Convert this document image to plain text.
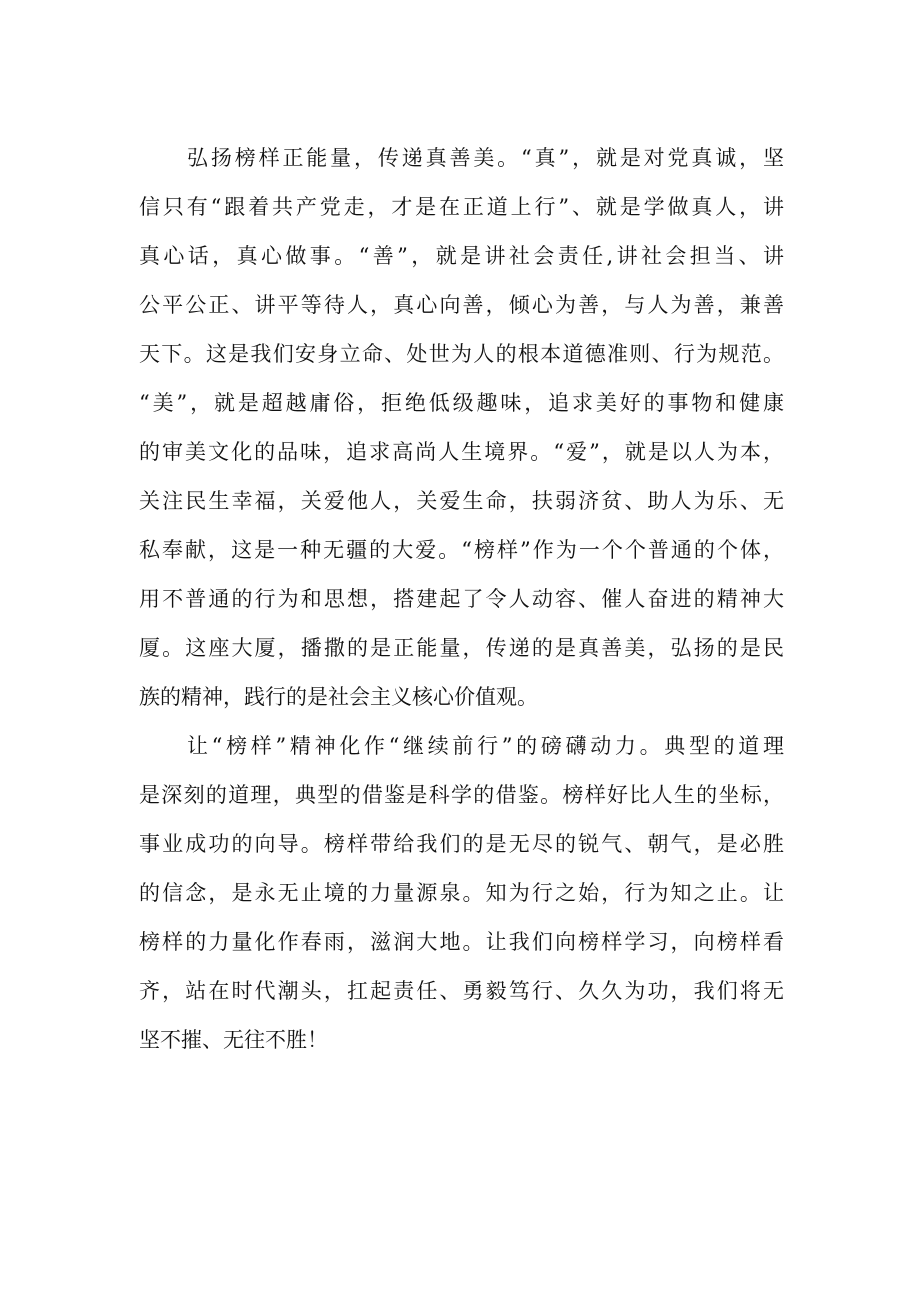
弘扬榜样正能量，传递真善美。“真”，就是对党真诚，坚
信只有“跟着共产党走，才是在正道上行”、就是学做真人，讲
真心话，真心做事。“善”，就是讲社会责任,讲社会担当、讲
公平公正、讲平等待人，真心向善，倾心为善，与人为善，兼善
天下。这是我们安身立命、处世为人的根本道德准则、行为规范。
“美”，就是超越庸俗，拒绝低级趣味，追求美好的事物和健康
的审美文化的品味，追求高尚人生境界。“爱”，就是以人为本，
关注民生幸福，关爱他人，关爱生命，扶弱济贫、助人为乐、无
私奉献，这是一种无疆的大爱。“榜样”作为一个个普通的个体，
用不普通的行为和思想，搭建起了令人动容、催人奋进的精神大
厦。这座大厦，播撒的是正能量，传递的是真善美，弘扬的是民
族的精神，践行的是社会主义核心价值观。
让“榜样”精神化作“继续前行”的磅礴动力。典型的道理
是深刻的道理，典型的借鉴是科学的借鉴。榜样好比人生的坐标，
事业成功的向导。榜样带给我们的是无尽的锐气、朝气，是必胜
的信念，是永无止境的力量源泉。知为行之始，行为知之止。让
榜样的力量化作春雨，滋润大地。让我们向榜样学习，向榜样看
齐，站在时代潮头，扛起责任、勇毅笃行、久久为功，我们将无
坚不摧、无往不胜！
